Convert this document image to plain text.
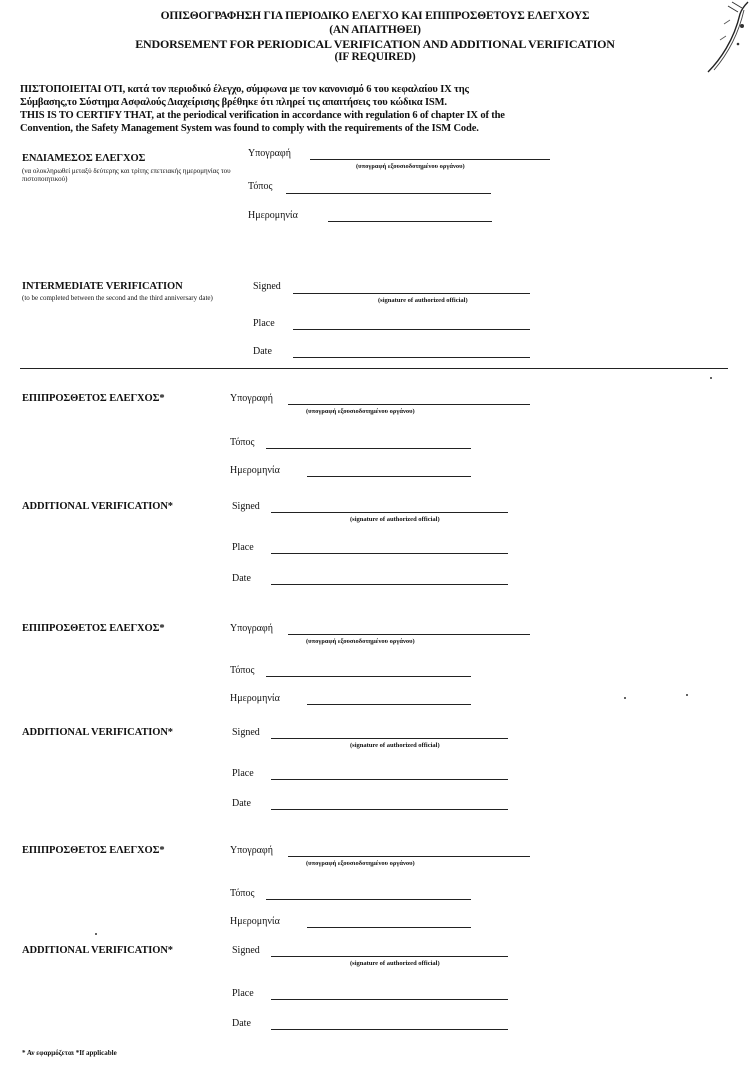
ΟΠΙΣΘΟΓΡΑΦΗΣΗ ΓΙΑ ΠΕΡΙΟΔΙΚΟ ΕΛΕΓΧΟ ΚΑΙ ΕΠΙΠΡΟΣΘΕΤΟΥΣ ΕΛΕΓΧΟΥΣ
(ΑΝ ΑΠΑΙΤΗΘΕΙ)
ENDORSEMENT FOR PERIODICAL VERIFICATION AND ADDITIONAL VERIFICATION
(IF REQUIRED)
ΠΙΣΤΟΠΟΙΕΙΤΑΙ ΟΤΙ, κατά τον περιοδικό έλεγχο, σύμφωνα με τον κανονισμό 6 του κεφαλαίου IX της
Σύμβασης,το Σύστημα Ασφαλούς Διαχείρισης βρέθηκε ότι πληρεί τις απαιτήσεις του κώδικα ISM.
THIS IS TO CERTIFY THAT, at the periodical verification in accordance with regulation 6 of chapter IX of the
Convention, the Safety Management System was found to comply with the requirements of the ISM Code.
ΕΝΔΙΑΜΕΣΟΣ ΕΛΕΓΧΟΣ
(να ολοκληρωθεί μεταξύ δεύτερης και τρίτης επετειακής ημερομηνίας του πιστοποιητικού)
Υπογραφή
(υπογραφή εξουσιοδοτημένου οργάνου)
Τόπος
Ημερομηνία
INTERMEDIATE VERIFICATION
(to be completed between the second and the third anniversary date)
Signed
(signature of authorized official)
Place
Date
ΕΠΙΠΡΟΣΘΕΤΟΣ ΕΛΕΓΧΟΣ*	Υπογραφή
(υπογραφή εξουσιοδοτημένου οργάνου)
Τόπος
Ημερομηνία
ADDITIONAL VERIFICATION*	Signed
(signature of authorized official)
Place
Date
ΕΠΙΠΡΟΣΘΕΤΟΣ ΕΛΕΓΧΟΣ*	Υπογραφή
(υπογραφή εξουσιοδοτημένου οργάνου)
Τόπος
Ημερομηνία
ADDITIONAL VERIFICATION*	Signed
(signature of authorized official)
Place
Date
ΕΠΙΠΡΟΣΘΕΤΟΣ ΕΛΕΓΧΟΣ*	Υπογραφή
(υπογραφή εξουσιοδοτημένου οργάνου)
Τόπος
Ημερομηνία
ADDITIONAL VERIFICATION*	Signed
(signature of authorized official)
Place
Date
* Αν εφαρμόζεται *If applicable
